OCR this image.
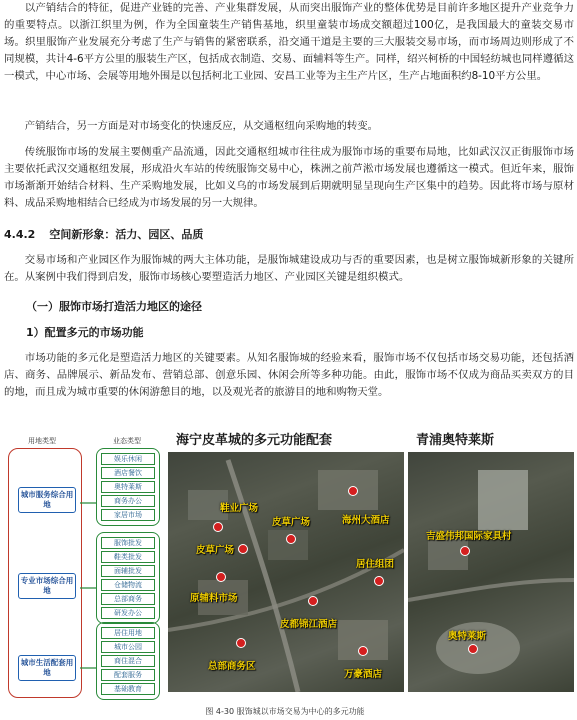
以产销结合的特征，促进产业链的完善、产业集群发展，从而突出服饰产业的整体优势是目前许多地区提升产业竞争力的重要特点。以浙江织里为例，作为全国童装生产销售基地，织里童装市场成交额超过100亿，是我国最大的童装交易市场。织里服饰产业发展充分考虑了生产与销售的紧密联系，沿交通干道是主要的三大服装交易市场，而市场周边则形成了不同规模，共计4-6平方公里的服装生产区，包括成衣制造、交易、面辅料等生产。同样，绍兴柯桥的中国轻纺城也同样遵循这一模式，中心市场、会展等用地外围是以包括柯北工业园、安昌工业等为主生产片区，生产占地面积约8-10平方公里。

产销结合，另一方面是对市场变化的快速反应，从交通枢纽向采购地的转变。

传统服饰市场的发展主要侧重产品流通，因此交通枢纽城市往往成为服饰市场的重要布局地，比如武汉汉正街服饰市场主要依托武汉交通枢纽发展，形成沿火车站的传统服饰交易中心，株洲之前芦淞市场发展也遵循这一模式。但近年来，服饰市场渐渐开始结合材料、生产采购地发展，比如义乌的市场发展到后期就明显呈现向生产区集中的趋势。因此将市场与原材料、成品采购地相结合已经成为市场发展的另一大规律。

4.4.2 空间新形象：活力、园区、品质

交易市场和产业园区作为服饰城的两大主体功能，是服饰城建设成功与否的重要因素，也是树立服饰城新形象的关键所在。从案例中我们得到启发，服饰市场核心要塑造活力地区、产业园区关键是组织模式。

（一）服饰市场打造活力地区的途径
1）配置多元的市场功能

市场功能的多元化是塑造活力地区的关键要素。从知名服饰城的经验来看，服饰市场不仅包括市场交易功能，还包括酒店、商务、品牌展示、新品发布、营销总部、创意乐园、休闲会所等多种功能。由此，服饰市场不仅成为商品买卖双方的目的地，而且成为城市重要的休闲游憩目的地，以及观光者的旅游目的地和购物天堂。

用地类型	业态类型
城市服务综合用地
专业市场综合用地
城市生活配套用地
娱乐休闲
酒店餐饮
奥特莱斯
商务办公
家居市场
服饰批发
鞋类批发
面辅批发
仓储物流
总部商务
研发办公
居住用地
城市公园
商住混合
配套服务
基础教育
海宁皮革城的多元功能配套
鞋业广场
皮草广场	海州大酒店
皮草广场
居住组团
原辅料市场
皮都锦江酒店
总部商务区
万豪酒店
青浦奥特莱斯
吉盛伟邦国际家具村
奥特莱斯
图 4-30 服饰城以市场交易为中心的多元功能
